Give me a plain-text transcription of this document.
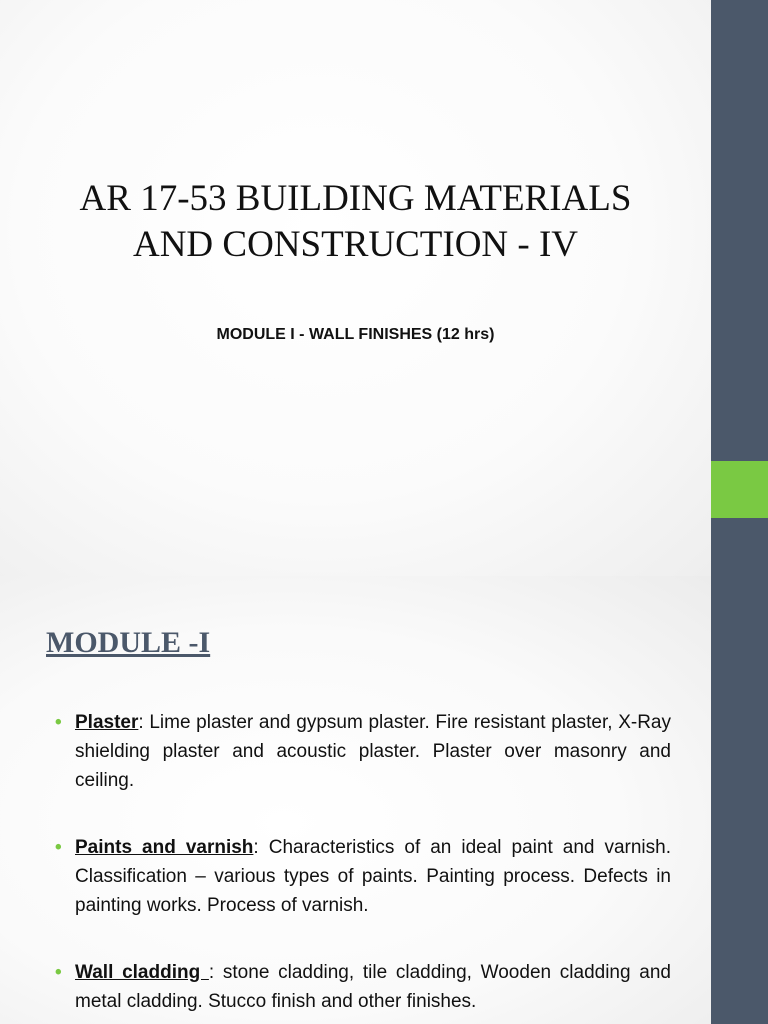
AR 17-53 BUILDING MATERIALS
AND CONSTRUCTION - IV
MODULE I - WALL FINISHES (12 hrs)
MODULE -I
• Plaster: Lime plaster and gypsum plaster. Fire resistant plaster, X-Ray shielding plaster and acoustic plaster. Plaster over masonry and ceiling.
• Paints and varnish: Characteristics of an ideal paint and varnish. Classification – various types of paints. Painting process. Defects in painting works. Process of varnish.
• Wall cladding : stone cladding, tile cladding, Wooden cladding and metal cladding. Stucco finish and other finishes.
